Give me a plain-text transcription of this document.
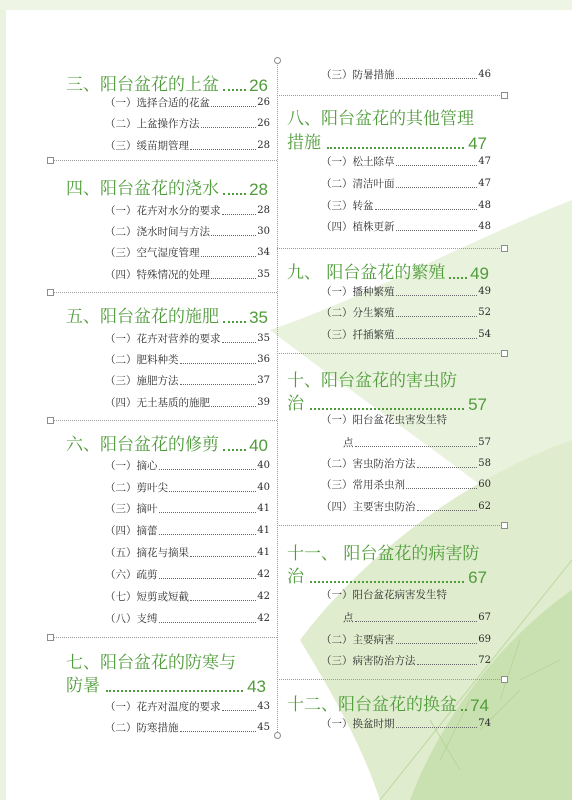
三、阳台盆花的上盆 26
（一）选择合适的花盆	26
（二）上盆操作方法	26
（三）缓苗期管理	28
四、阳台盆花的浇水 28
（一）花卉对水分的要求	28
（二）浇水时间与方法	30
（三）空气湿度管理	34
（四）特殊情况的处理	35
五、阳台盆花的施肥 35
（一）花卉对营养的要求	35
（二）肥料种类	36
（三）施肥方法	37
（四）无土基质的施肥	39
六、阳台盆花的修剪 40
（一）摘心	40
（二）剪叶尖	40
（三）摘叶	41
（四）摘蕾	41
（五）摘花与摘果	41
（六）疏剪	42
（七）短剪或短截	42
（八）支缚	42
七、阳台盆花的防寒与
防暑	43
（一）花卉对温度的要求	43
（二）防寒措施	45
（三）防暑措施	46
八、阳台盆花的其他管理
措施	47
（一）松土除草	47
（二）清洁叶面	47
（三）转盆	48
（四）植株更新	48
九、 阳台盆花的繁殖 49
（一）播种繁殖	49
（二）分生繁殖	52
（三）扦插繁殖	54
十、阳台盆花的害虫防
治	57
（一）阳台盆花虫害发生特
点	57
（二）害虫防治方法	58
（三）常用杀虫剂	60
（四）主要害虫防治	62
十一、 阳台盆花的病害防
治	67
（一）阳台盆花病害发生特
点	67
（二）主要病害	69
（三）病害防治方法	72
十二、阳台盆花的换盆 74
（一）换盆时期	74
